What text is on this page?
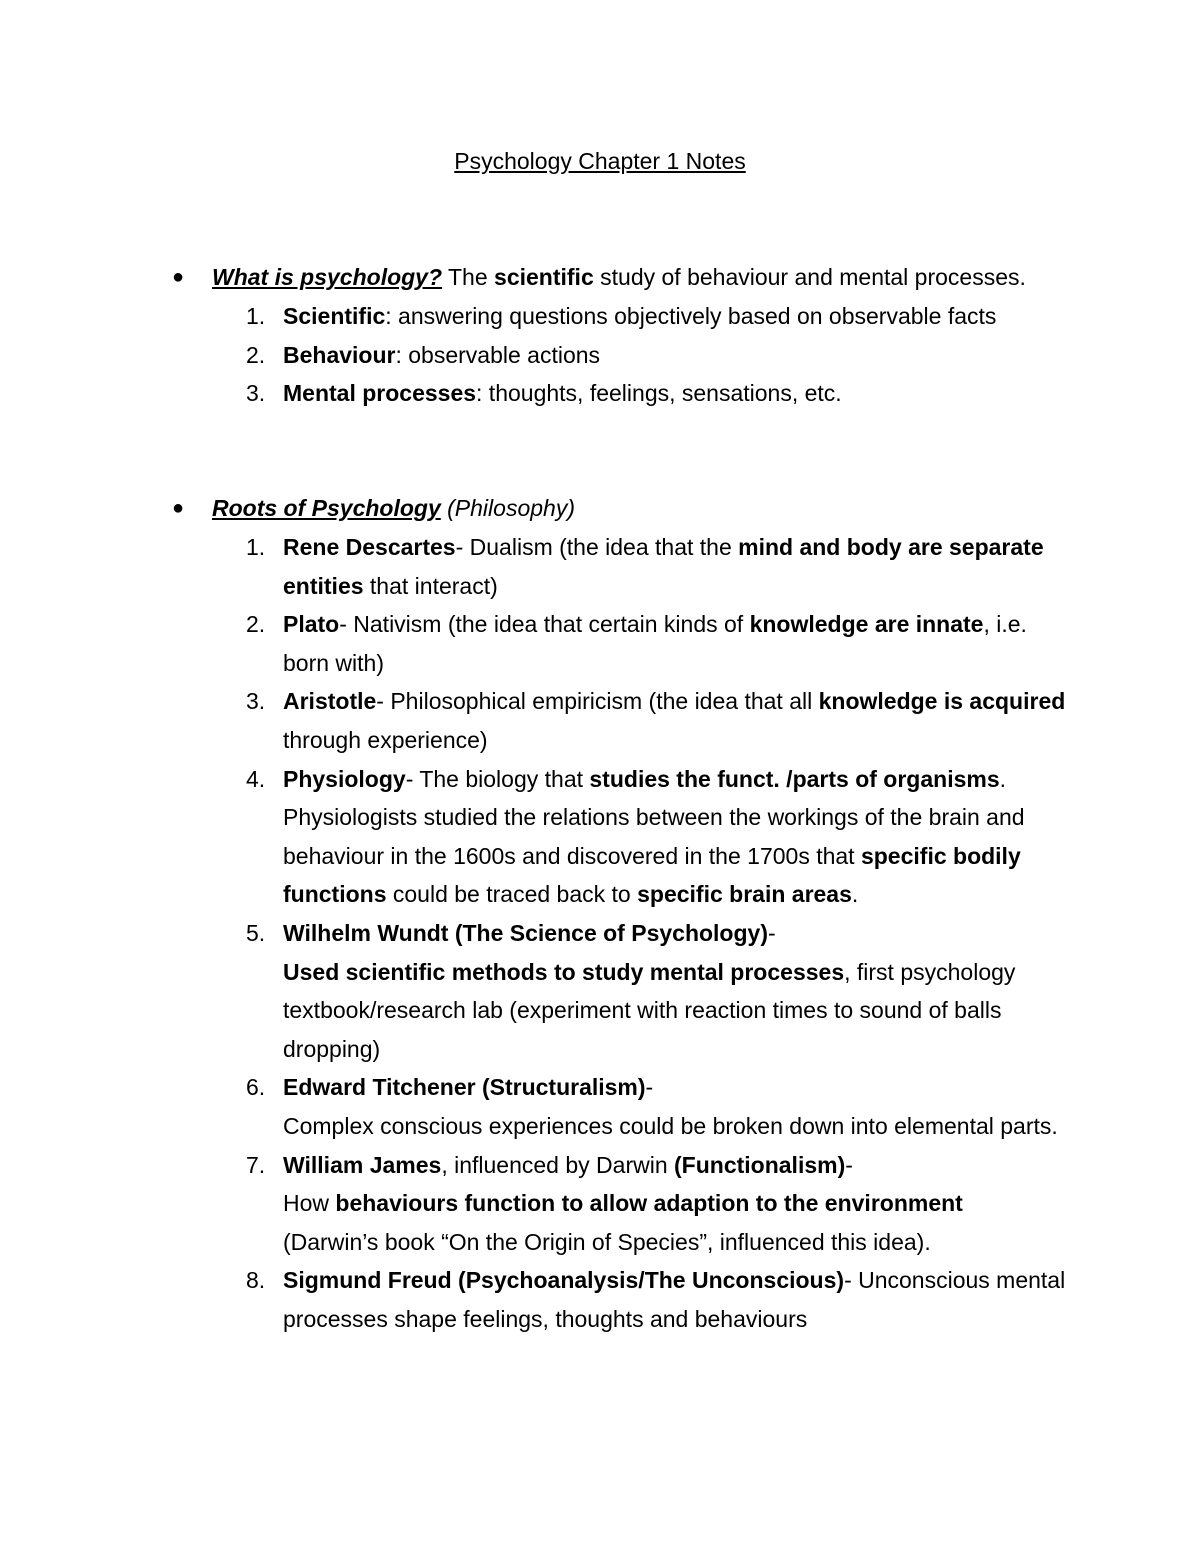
Psychology Chapter 1 Notes
● What is psychology? The scientific study of behaviour and mental processes.
1. Scientific: answering questions objectively based on observable facts
2. Behaviour: observable actions
3. Mental processes: thoughts, feelings, sensations, etc.
● Roots of Psychology (Philosophy)
1. Rene Descartes- Dualism (the idea that the mind and body are separate entities that interact)
2. Plato- Nativism (the idea that certain kinds of knowledge are innate, i.e. born with)
3. Aristotle- Philosophical empiricism (the idea that all knowledge is acquired through experience)
4. Physiology- The biology that studies the funct. /parts of organisms. Physiologists studied the relations between the workings of the brain and behaviour in the 1600s and discovered in the 1700s that specific bodily functions could be traced back to specific brain areas.
5. Wilhelm Wundt (The Science of Psychology)-
Used scientific methods to study mental processes, first psychology textbook/research lab (experiment with reaction times to sound of balls dropping)
6. Edward Titchener (Structuralism)-
Complex conscious experiences could be broken down into elemental parts.
7. William James, influenced by Darwin (Functionalism)-
How behaviours function to allow adaption to the environment
(Darwin’s book “On the Origin of Species”, influenced this idea).
8. Sigmund Freud (Psychoanalysis/The Unconscious)- Unconscious mental processes shape feelings, thoughts and behaviours
